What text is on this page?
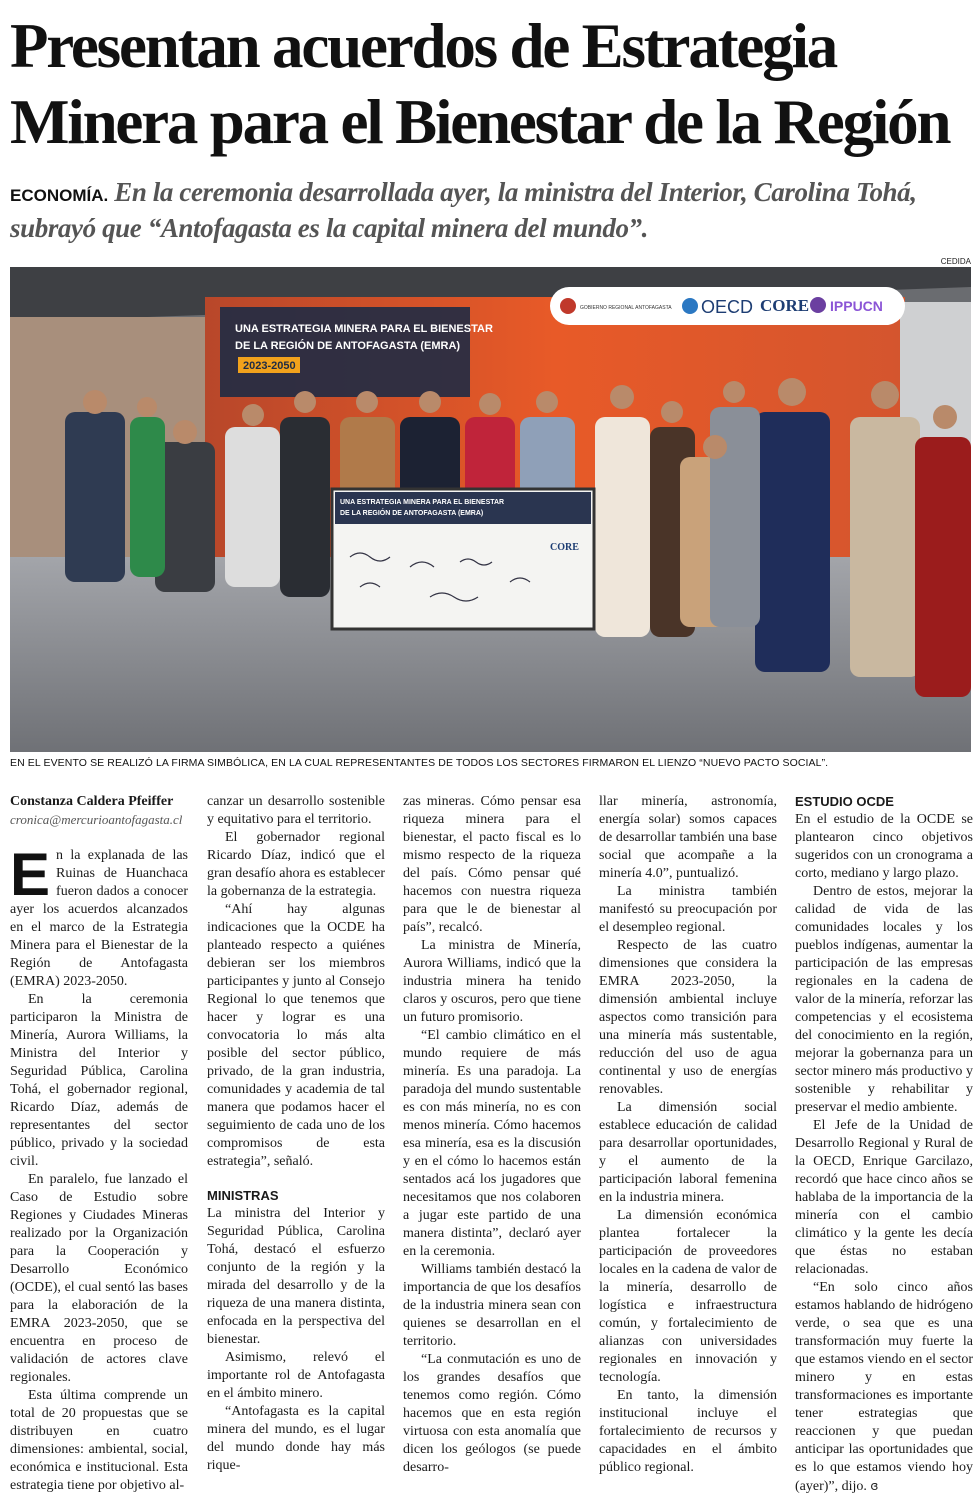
Presentan acuerdos de Estrategia
Minera para el Bienestar de la Región
ECONOMÍA. En la ceremonia desarrollada ayer, la ministra del Interior, Carolina Tohá, subrayó que “Antofagasta es la capital minera del mundo”.
CEDIDA
UNA ESTRATEGIA MINERA PARA EL BIENESTAR
DE LA REGIÓN DE ANTOFAGASTA (EMRA)
2023-2050
GOBIERNO REGIONAL ANTOFAGASTA OECD CORE IPPUCN
UNA ESTRATEGIA MINERA PARA EL BIENESTAR
DE LA REGIÓN DE ANTOFAGASTA (EMRA)
CORE
EN EL EVENTO SE REALIZÓ LA FIRMA SIMBÓLICA, EN LA CUAL REPRESENTANTES DE TODOS LOS SECTORES FIRMARON EL LIENZO “NUEVO PACTO SOCIAL”.
Constanza Caldera Pfeiffer
cronica@mercurioantofagasta.cl

En la explanada de las Ruinas de Huanchaca fueron dados a conocer ayer los acuerdos alcanzados en el marco de la Estrategia Minera para el Bienestar de la Región de Antofagasta (EMRA) 2023-2050.

En la ceremonia participaron la Ministra de Minería, Aurora Williams, la Ministra del Interior y Seguridad Pública, Carolina Tohá, el gobernador regional, Ricardo Díaz, además de representantes del sector público, privado y la sociedad civil.

En paralelo, fue lanzado el Caso de Estudio sobre Regiones y Ciudades Mineras realizado por la Organización para la Cooperación y Desarrollo Económico (OCDE), el cual sentó las bases para la elaboración de la EMRA 2023-2050, que se encuentra en proceso de validación de actores clave regionales.

Esta última comprende un total de 20 propuestas que se distribuyen en cuatro dimensiones: ambiental, social, económica e institucional. Esta estrategia tiene por objetivo al-

canzar un desarrollo sostenible y equitativo para el territorio.

El gobernador regional Ricardo Díaz, indicó que el gran desafío ahora es establecer la gobernanza de la estrategia.

“Ahí hay algunas indicaciones que la OCDE ha planteado respecto a quiénes debieran ser los miembros participantes y junto al Consejo Regional lo que tenemos que hacer y lograr es una convocatoria lo más alta posible del sector público, privado, de la gran industria, comunidades y academia de tal manera que podamos hacer el seguimiento de cada uno de los compromisos de esta estrategia”, señaló.

MINISTRAS

La ministra del Interior y Seguridad Pública, Carolina Tohá, destacó el esfuerzo conjunto de la región y la mirada del desarrollo y de la riqueza de una manera distinta, enfocada en la perspectiva del bienestar.

Asimismo, relevó el importante rol de Antofagasta en el ámbito minero.

“Antofagasta es la capital minera del mundo, es el lugar del mundo donde hay más rique-

zas mineras. Cómo pensar esa riqueza minera para el bienestar, el pacto fiscal es lo mismo respecto de la riqueza del país. Cómo pensar qué hacemos con nuestra riqueza para que le de bienestar al país”, recalcó.

La ministra de Minería, Aurora Williams, indicó que la industria minera ha tenido claros y oscuros, pero que tiene un futuro promisorio.

“El cambio climático en el mundo requiere de más minería. Es una paradoja. La paradoja del mundo sustentable es con más minería, no es con menos minería. Cómo hacemos esa minería, esa es la discusión y en el cómo lo hacemos están sentados acá los jugadores que necesitamos que nos colaboren a jugar este partido de una manera distinta”, declaró ayer en la ceremonia.

Williams también destacó la importancia de que los desafíos de la industria minera sean con quienes se desarrollan en el territorio.

“La conmutación es uno de los grandes desafíos que tenemos como región. Cómo hacemos que en esta región virtuosa con esta anomalía que dicen los geólogos (se puede desarro-

llar minería, astronomía, energía solar) somos capaces de desarrollar también una base social que acompañe a la minería 4.0”, puntualizó.

La ministra también manifestó su preocupación por el desempleo regional.

Respecto de las cuatro dimensiones que considera la EMRA 2023-2050, la dimensión ambiental incluye aspectos como transición para una minería más sustentable, reducción del uso de agua continental y uso de energías renovables.

La dimensión social establece educación de calidad para desarrollar oportunidades, y el aumento de la participación laboral femenina en la industria minera.

La dimensión económica plantea fortalecer la participación de proveedores locales en la cadena de valor de la minería, desarrollo de logística e infraestructura común, y fortalecimiento de alianzas con universidades regionales en innovación y tecnología.

En tanto, la dimensión institucional incluye el fortalecimiento de recursos y capacidades en el ámbito público regional.

ESTUDIO OCDE

En el estudio de la OCDE se plantearon cinco objetivos sugeridos con un cronograma a corto, mediano y largo plazo.

Dentro de estos, mejorar la calidad de vida de las comunidades locales y los pueblos indígenas, aumentar la participación de las empresas regionales en la cadena de valor de la minería, reforzar las competencias y el ecosistema del conocimiento en la región, mejorar la gobernanza para un sector minero más productivo y sostenible y rehabilitar y preservar el medio ambiente.

El Jefe de la Unidad de Desarrollo Regional y Rural de la OECD, Enrique Garcilazo, recordó que hace cinco años se hablaba de la importancia de la minería con el cambio climático y la gente les decía que éstas no estaban relacionadas.

“En solo cinco años estamos hablando de hidrógeno verde, o sea que es una transformación muy fuerte la que estamos viendo en el sector minero y en estas transformaciones es importante tener estrategias que reaccionen y que puedan anticipar las oportunidades que es lo que estamos viendo hoy (ayer)”, dijo. ɞ
